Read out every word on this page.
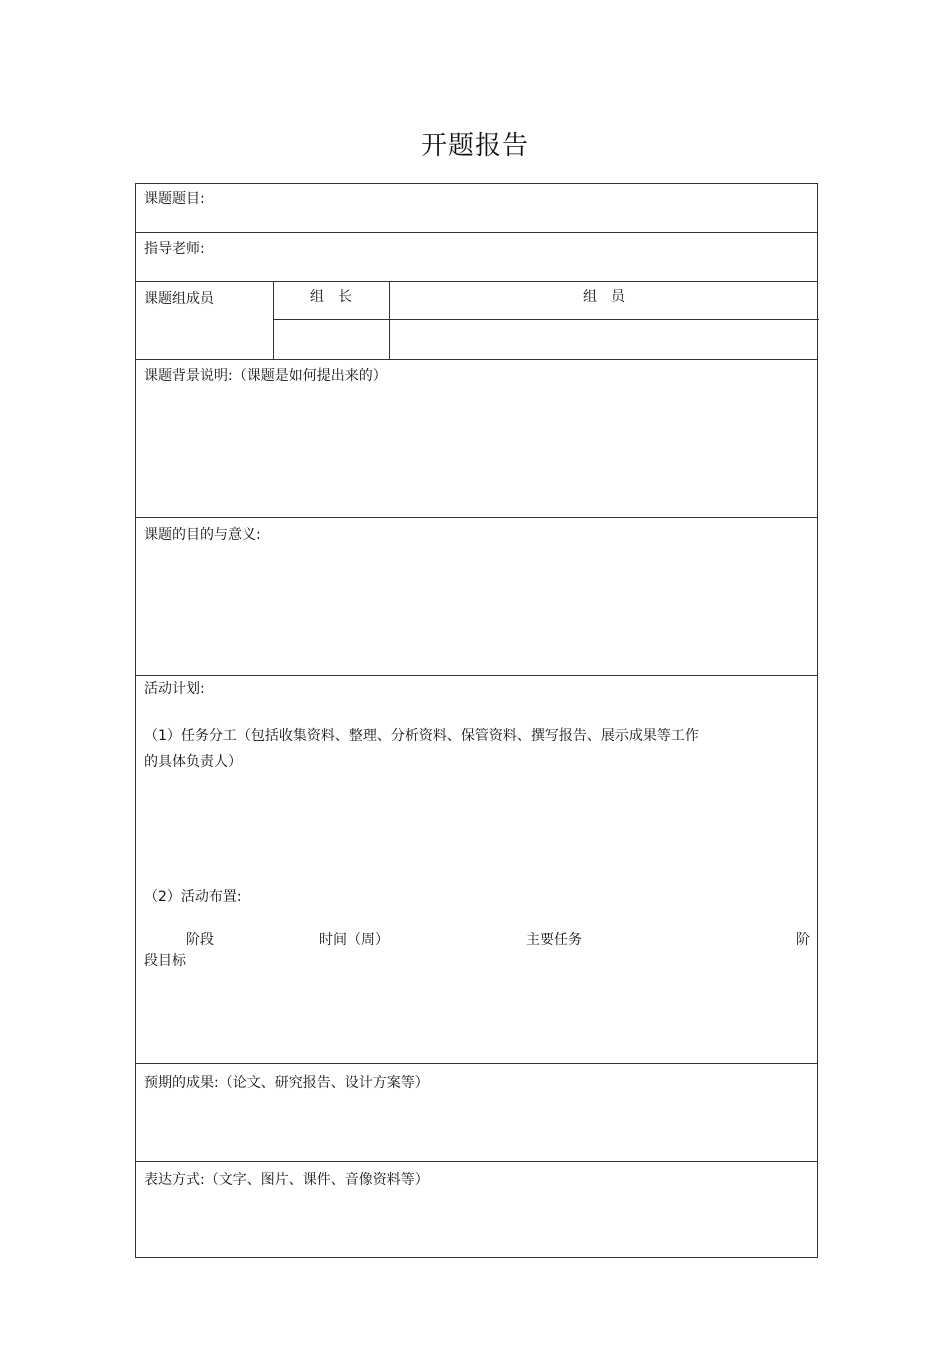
开题报告
课题题目:
指导老师:
课题组成员	组　长	组　员
课题背景说明:（课题是如何提出来的）
课题的目的与意义:
活动计划:
（1）任务分工（包括收集资料、整理、分析资料、保管资料、撰写报告、展示成果等工作
的具体负责人）
（2）活动布置:
阶段	时间（周）	主要任务	阶
段目标
预期的成果:（论文、研究报告、设计方案等）
表达方式:（文字、图片、课件、音像资料等）
